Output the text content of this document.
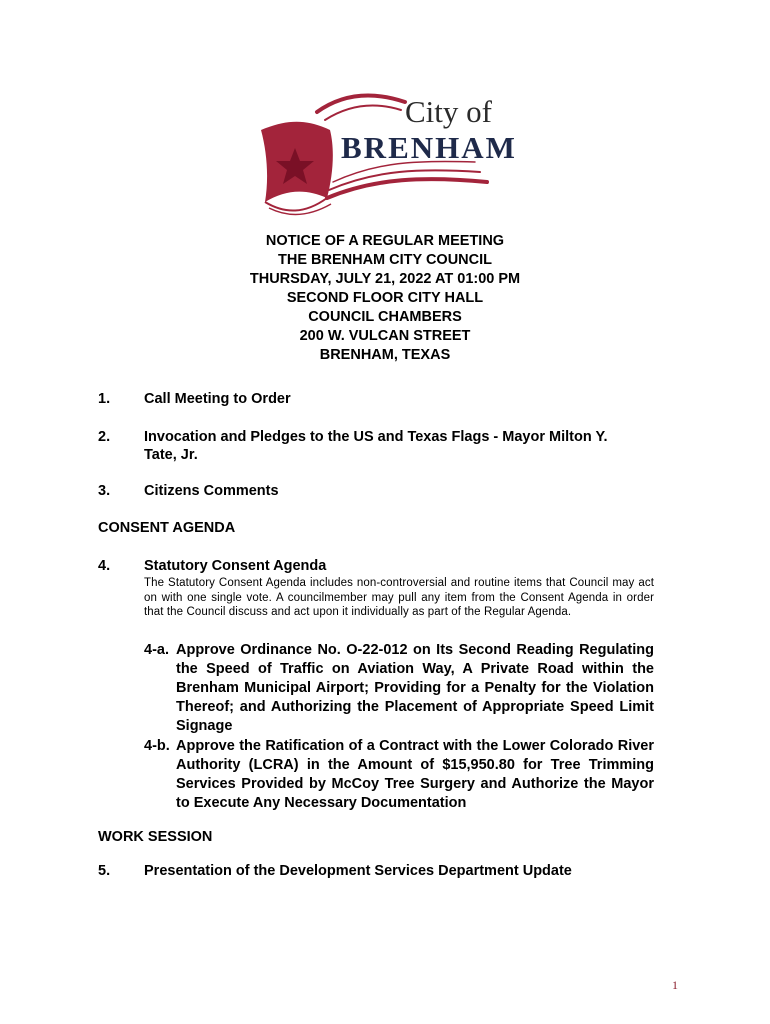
City of
BRENHAM
NOTICE OF A REGULAR MEETING
THE BRENHAM CITY COUNCIL
THURSDAY, JULY 21, 2022 AT 01:00 PM
SECOND FLOOR CITY HALL
COUNCIL CHAMBERS
200 W. VULCAN STREET
BRENHAM, TEXAS
1. Call Meeting to Order
2. Invocation and Pledges to the US and Texas Flags - Mayor Milton Y. Tate, Jr.
3. Citizens Comments
CONSENT AGENDA
4. Statutory Consent Agenda
The Statutory Consent Agenda includes non-controversial and routine items that Council may act on with one single vote. A councilmember may pull any item from the Consent Agenda in order that the Council discuss and act upon it individually as part of the Regular Agenda.
4-a. Approve Ordinance No. O-22-012 on Its Second Reading Regulating the Speed of Traffic on Aviation Way, A Private Road within the Brenham Municipal Airport; Providing for a Penalty for the Violation Thereof; and Authorizing the Placement of Appropriate Speed Limit Signage
4-b. Approve the Ratification of a Contract with the Lower Colorado River Authority (LCRA) in the Amount of $15,950.80 for Tree Trimming Services Provided by McCoy Tree Surgery and Authorize the Mayor to Execute Any Necessary Documentation
WORK SESSION
5. Presentation of the Development Services Department Update
1
